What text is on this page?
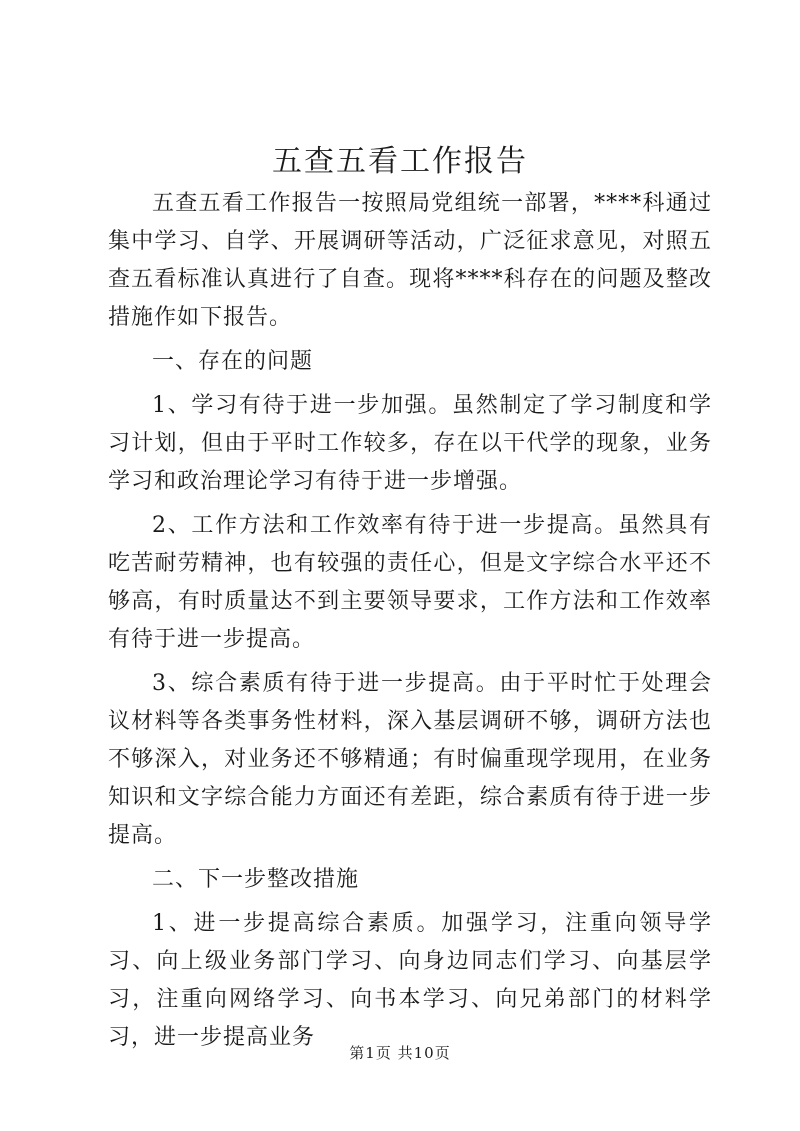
五查五看工作报告

五查五看工作报告一按照局党组统一部署，****科通过集中学习、自学、开展调研等活动，广泛征求意见，对照五查五看标准认真进行了自查。现将****科存在的问题及整改措施作如下报告。

一、存在的问题

1、学习有待于进一步加强。虽然制定了学习制度和学习计划，但由于平时工作较多，存在以干代学的现象，业务学习和政治理论学习有待于进一步增强。

2、工作方法和工作效率有待于进一步提高。虽然具有吃苦耐劳精神，也有较强的责任心，但是文字综合水平还不够高，有时质量达不到主要领导要求，工作方法和工作效率有待于进一步提高。

3、综合素质有待于进一步提高。由于平时忙于处理会议材料等各类事务性材料，深入基层调研不够，调研方法也不够深入，对业务还不够精通；有时偏重现学现用，在业务知识和文字综合能力方面还有差距，综合素质有待于进一步提高。

二、下一步整改措施

1、进一步提高综合素质。加强学习，注重向领导学习、向上级业务部门学习、向身边同志们学习、向基层学习，注重向网络学习、向书本学习、向兄弟部门的材料学习，进一步提高业务

第1页 共10页
